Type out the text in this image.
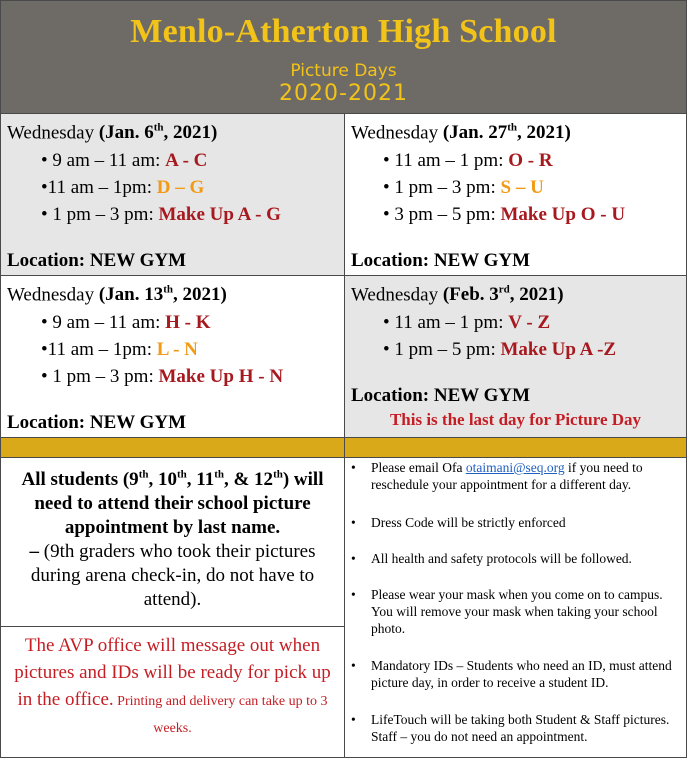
Menlo-Atherton High School
Picture Days
2020-2021
Wednesday (Jan. 6th, 2021)
• 9 am – 11 am: A - C
•11 am – 1pm: D – G
• 1 pm – 3 pm: Make Up A - G
Location: NEW GYM
Wednesday (Jan. 27th, 2021)
• 11 am – 1 pm: O - R
• 1 pm – 3 pm: S – U
• 3 pm – 5 pm: Make Up O - U
Location: NEW GYM
Wednesday (Jan. 13th, 2021)
• 9 am – 11 am: H - K
•11 am – 1pm: L - N
• 1 pm – 3 pm: Make Up H - N
Location: NEW GYM
Wednesday (Feb. 3rd, 2021)
• 11 am – 1 pm: V - Z
• 1 pm – 5 pm: Make Up A -Z
Location: NEW GYM
This is the last day for Picture Day
All students (9th, 10th, 11th, & 12th) will need to attend their school picture appointment by last name.
– (9th graders who took their pictures during arena check-in, do not have to attend).
The AVP office will message out when pictures and IDs will be ready for pick up in the office. Printing and delivery can take up to 3 weeks.
• Please email Ofa otaimani@seq.org if you need to reschedule your appointment for a different day.
• Dress Code will be strictly enforced
• All health and safety protocols will be followed.
• Please wear your mask when you come on to campus. You will remove your mask when taking your school photo.
• Mandatory IDs – Students who need an ID, must attend picture day, in order to receive a student ID.
• LifeTouch will be taking both Student & Staff pictures. Staff – you do not need an appointment.
